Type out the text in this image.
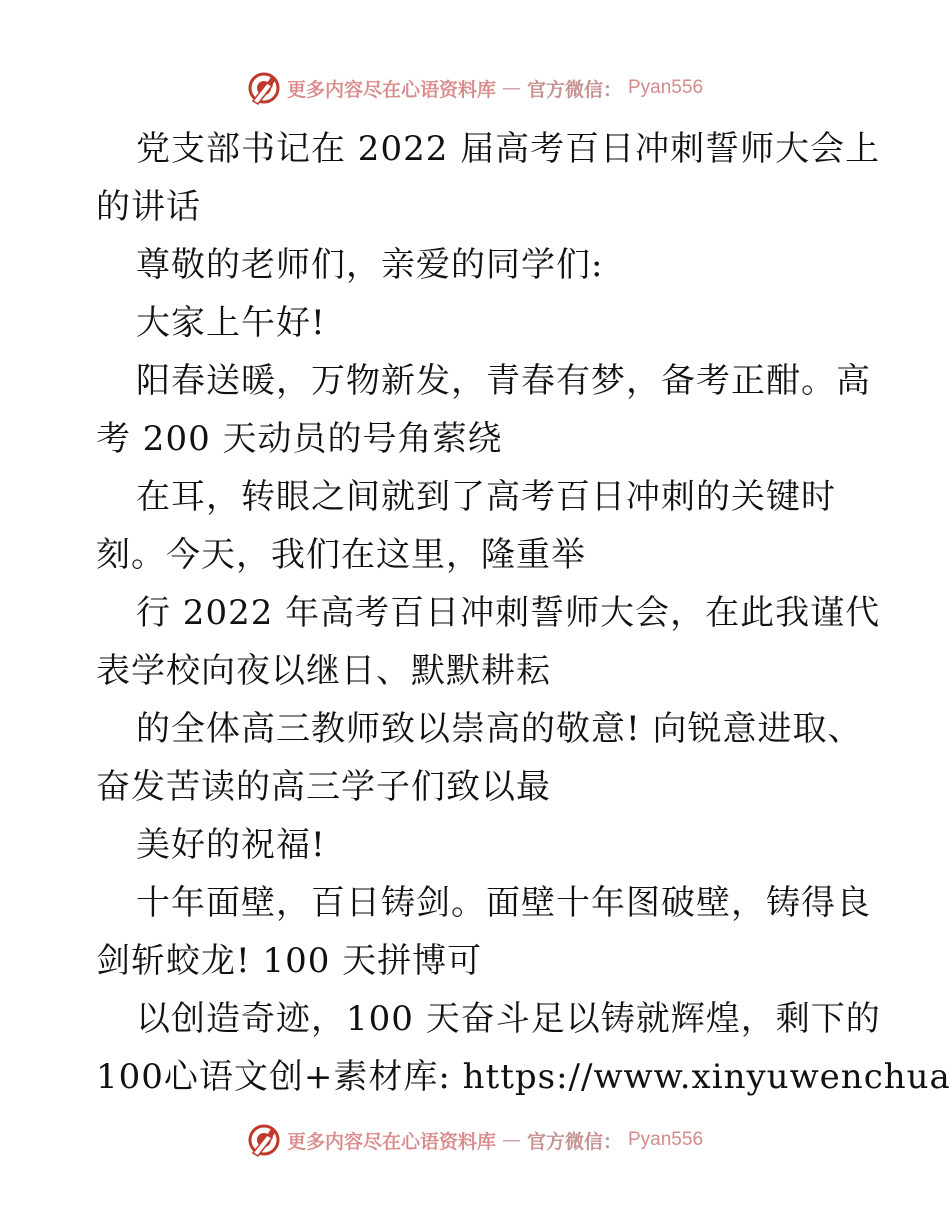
更多内容尽在心语资料库 — 官方微信： Pyan556
党支部书记在 2022 届高考百日冲刺誓师大会上
的讲话
尊敬的老师们，亲爱的同学们:
大家上午好!
阳春送暖，万物新发，青春有梦，备考正酣。高
考 200 天动员的号角萦绕
在耳，转眼之间就到了高考百日冲刺的关键时
刻。今天，我们在这里，隆重举
行 2022 年高考百日冲刺誓师大会，在此我谨代
表学校向夜以继日、默默耕耘
的全体高三教师致以崇高的敬意! 向锐意进取、
奋发苦读的高三学子们致以最
美好的祝福!
十年面壁，百日铸剑。面壁十年图破壁，铸得良
剑斩蛟龙! 100 天拼博可
以创造奇迹，100 天奋斗足以铸就辉煌，剩下的
100心语文创+素材库: https://www.xinyuwenchua
更多内容尽在心语资料库 — 官方微信： Pyan556
